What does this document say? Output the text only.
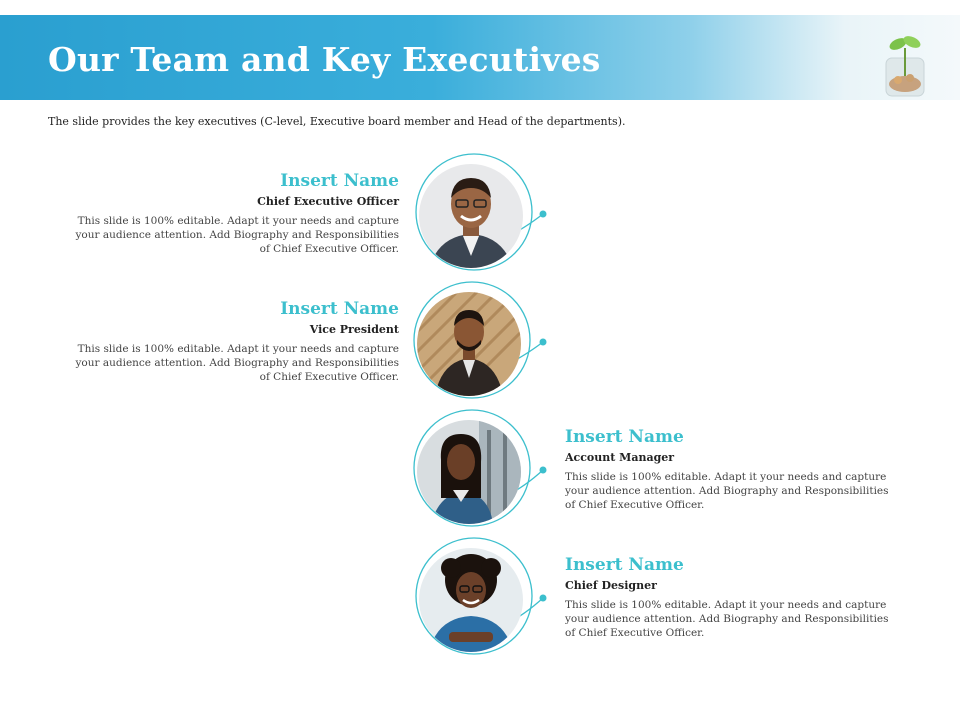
Our Team and Key Executives
The slide provides the key executives (C-level, Executive board member and Head of the departments).
Insert Name
Chief Executive Officer
This slide is 100% editable. Adapt it your needs and capture your audience attention. Add Biography and Responsibilities of Chief Executive Officer.
Insert Name
Vice President
This slide is 100% editable. Adapt it your needs and capture your audience attention. Add Biography and Responsibilities of Chief Executive Officer.
Insert Name
Account Manager
This slide is 100% editable. Adapt it your needs and capture your audience attention. Add Biography and Responsibilities of Chief Executive Officer.
Insert Name
Chief Designer
This slide is 100% editable. Adapt it your needs and capture your audience attention. Add Biography and Responsibilities of Chief Executive Officer.
